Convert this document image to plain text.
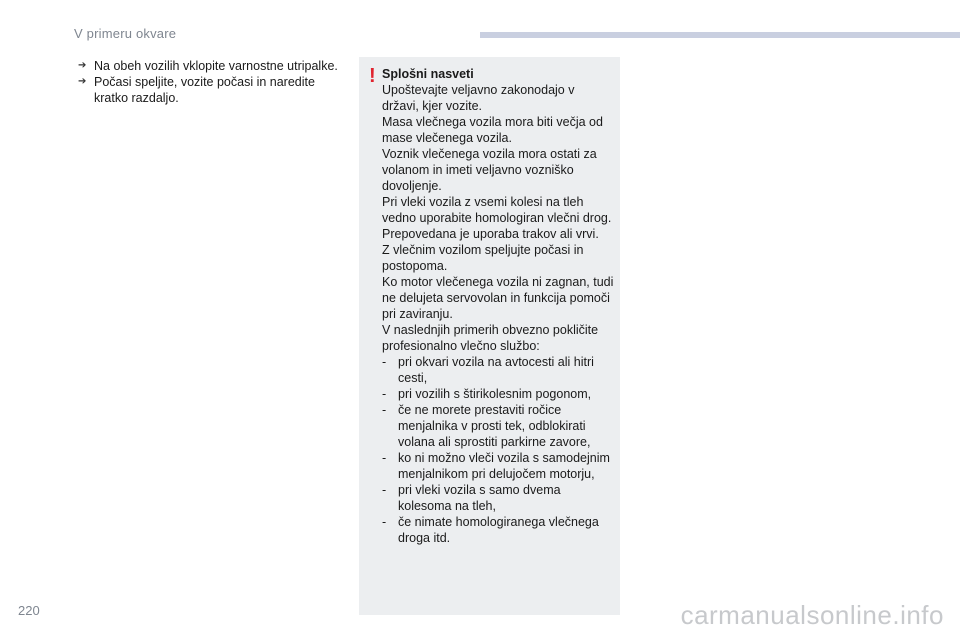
V primeru okvare

➔ Na obeh vozilih vklopite varnostne utripalke.

➔ Počasi speljite, vozite počasi in naredite kratko razdaljo.

! Splošni nasveti

Upoštevajte veljavno zakonodajo v državi, kjer vozite.

Masa vlečnega vozila mora biti večja od mase vlečenega vozila.

Voznik vlečenega vozila mora ostati za volanom in imeti veljavno vozniško dovoljenje.

Pri vleki vozila z vsemi kolesi na tleh vedno uporabite homologiran vlečni drog. Prepovedana je uporaba trakov ali vrvi.

Z vlečnim vozilom speljujte počasi in postopoma.

Ko motor vlečenega vozila ni zagnan, tudi ne delujeta servovolan in funkcija pomoči pri zaviranju.

V naslednjih primerih obvezno pokličite profesionalno vlečno službo:

- pri okvari vozila na avtocesti ali hitri cesti,
- pri vozilih s štirikolesnim pogonom,
- če ne morete prestaviti ročice menjalnika v prosti tek, odblokirati volana ali sprostiti parkirne zavore,
- ko ni možno vleči vozila s samodejnim menjalnikom pri delujočem motorju,
- pri vleki vozila s samo dvema kolesoma na tleh,
- če nimate homologiranega vlečnega droga itd.
220	carmanualsonline.info
